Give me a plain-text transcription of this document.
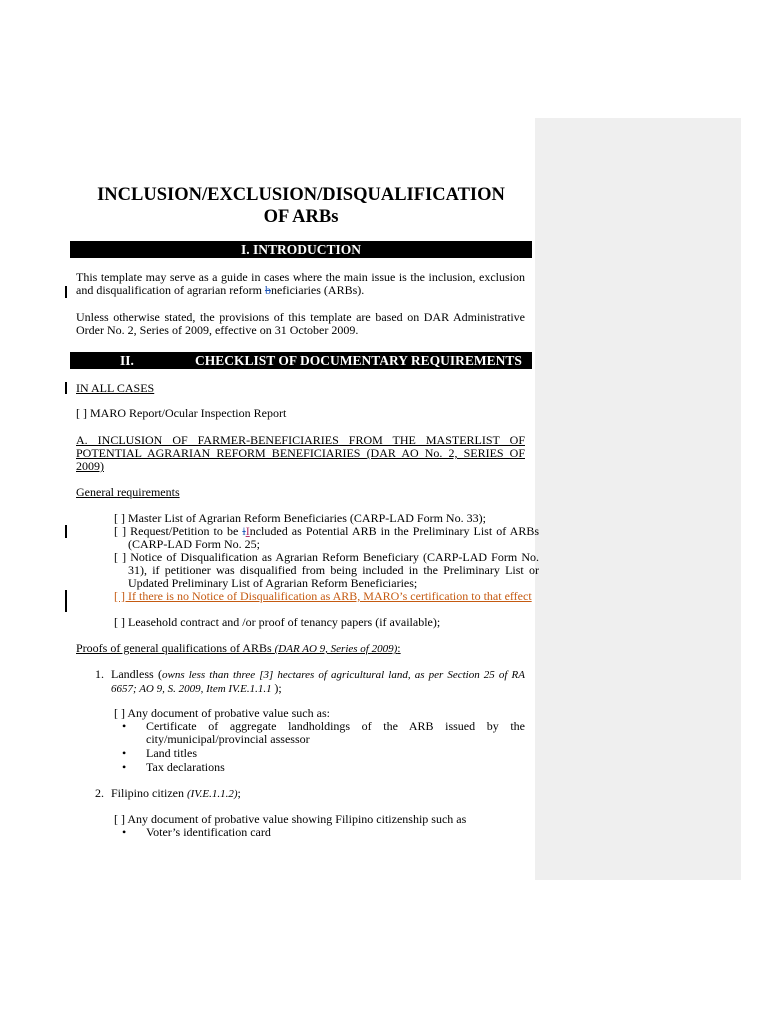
INCLUSION/EXCLUSION/DISQUALIFICATION
OF ARBs
I. INTRODUCTION
This template may serve as a guide in cases where the main issue is the inclusion, exclusion and disqualification of agrarian reform bneficiaries (ARBs).
Unless otherwise stated, the provisions of this template are based on DAR Administrative Order No. 2, Series of 2009, effective on 31 October 2009.
II.	CHECKLIST OF DOCUMENTARY REQUIREMENTS
IN ALL CASES
[ ] MARO Report/Ocular Inspection Report
A. INCLUSION OF FARMER-BENEFICIARIES FROM THE MASTERLIST OF POTENTIAL AGRARIAN REFORM BENEFICIARIES (DAR AO No. 2, SERIES OF 2009)
General requirements
[ ] Master List of Agrarian Reform Beneficiaries (CARP-LAD Form No. 33);
[ ] Request/Petition to be iIncluded as Potential ARB in the Preliminary List of ARBs (CARP-LAD Form No. 25;
[ ] Notice of Disqualification as Agrarian Reform Beneficiary (CARP-LAD Form No. 31), if petitioner was disqualified from being included in the Preliminary List or Updated Preliminary List of Agrarian Reform Beneficiaries;
[ ] If there is no Notice of Disqualification as ARB, MARO’s certification to that effect
[ ] Leasehold contract and /or proof of tenancy papers (if available);
Proofs of general qualifications of ARBs (DAR AO 9, Series of 2009):
1. Landless (owns less than three [3] hectares of agricultural land, as per Section 25 of RA 6657; AO 9, S. 2009, Item IV.E.1.1.1 );
[ ] Any document of probative value such as:
• Certificate of aggregate landholdings of the ARB issued by the city/municipal/provincial assessor
• Land titles
• Tax declarations
2. Filipino citizen (IV.E.1.1.2);
[ ] Any document of probative value showing Filipino citizenship such as
• Voter’s identification card
